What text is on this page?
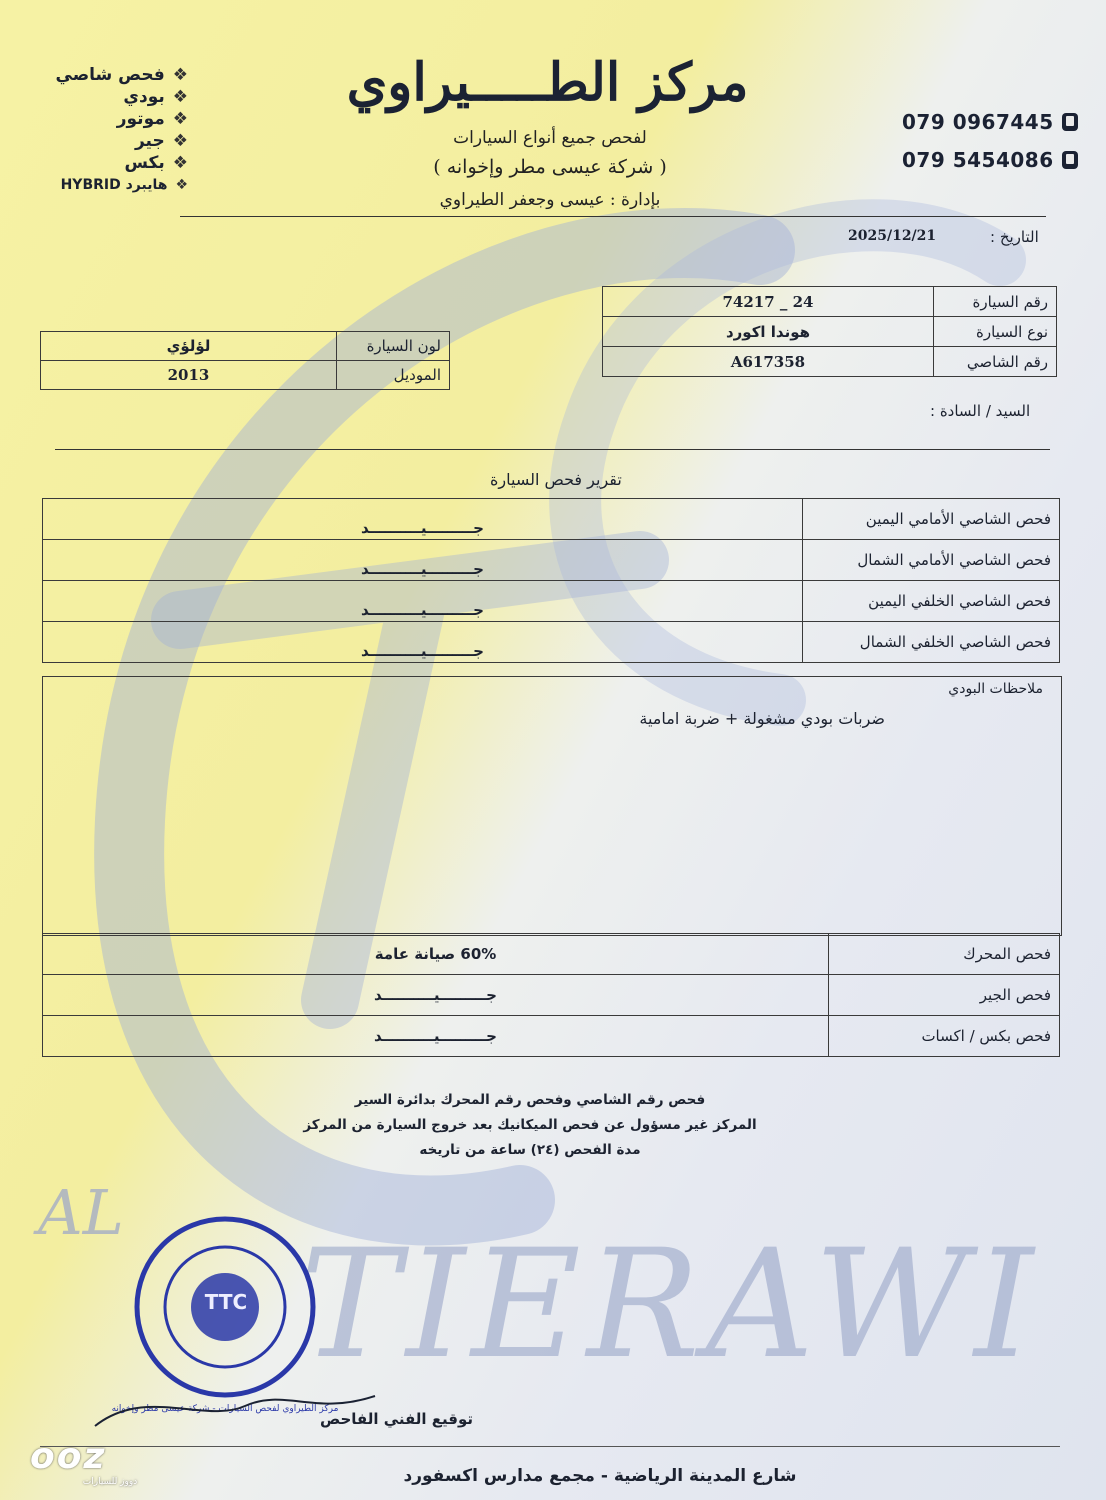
AL
TIERAWI
مركز الطـــــيراوي
لفحص جميع أنواع السيارات
( شركة عيسى مطر وإخوانه )
بإدارة : عيسى وجعفر الطيراوي
❖فحص شاصي
❖بودي
❖موتور
❖جير
❖بكس
❖هايبرد HYBRID
079 0967445
079 5454086
التاريخ :
2025/12/21
74217 _ 24	رقم السيارة
هوندا اكورد	نوع السيارة
A617358	رقم الشاصي
لؤلؤي	لون السيارة
2013	الموديل
السيد / السادة :
تقرير فحص السيارة
جـــــــــيــــــــــد	فحص الشاصي الأمامي اليمين
جـــــــــيــــــــــد	فحص الشاصي الأمامي الشمال
جـــــــــيــــــــــد	فحص الشاصي الخلفي اليمين
جـــــــــيــــــــــد	فحص الشاصي الخلفي الشمال
ملاحظات البودي
ضربات بودي مشغولة + ضربة امامية
60% صيانة عامة	فحص المحرك
جـــــــــيــــــــــد	فحص الجير
جـــــــــيــــــــــد	فحص بكس / اكسات
فحص رقم الشاصي وفحص رقم المحرك بدائرة السير
المركز غير مسؤول عن فحص الميكانيك بعد خروج السيارة من المركز
مدة الفحص (٢٤) ساعة من تاريخه
TTC
مركز الطيراوي لفحص السيارات - شركة عيسى مطر وإخوانه
توقيع الفني الفاحص
شارع المدينة الرياضية - مجمع مدارس اكسفورد
ooz
دووز للسيارات
